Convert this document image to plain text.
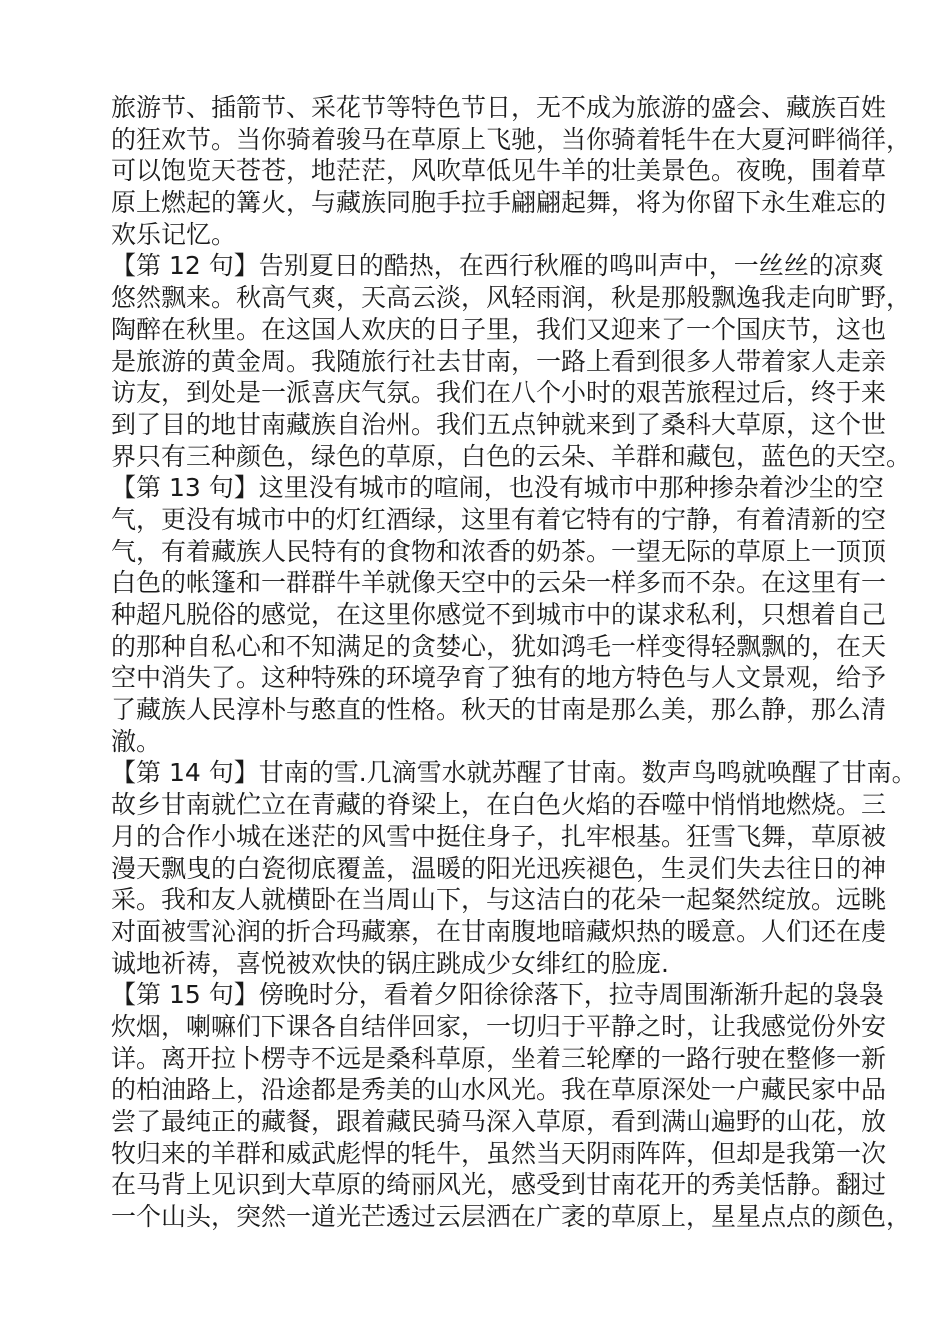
旅游节、插箭节、采花节等特色节日，无不成为旅游的盛会、藏族百姓
的狂欢节。当你骑着骏马在草原上飞驰，当你骑着牦牛在大夏河畔徜徉，
可以饱览天苍苍，地茫茫，风吹草低见牛羊的壮美景色。夜晚，围着草
原上燃起的篝火，与藏族同胞手拉手翩翩起舞，将为你留下永生难忘的
欢乐记忆。
【第 12 句】告别夏日的酷热，在西行秋雁的鸣叫声中，一丝丝的凉爽
悠然飘来。秋高气爽，天高云淡，风轻雨润，秋是那般飘逸我走向旷野，
陶醉在秋里。在这国人欢庆的日子里，我们又迎来了一个国庆节，这也
是旅游的黄金周。我随旅行社去甘南，一路上看到很多人带着家人走亲
访友，到处是一派喜庆气氛。我们在八个小时的艰苦旅程过后，终于来
到了目的地甘南藏族自治州。我们五点钟就来到了桑科大草原，这个世
界只有三种颜色，绿色的草原，白色的云朵、羊群和藏包，蓝色的天空。
【第 13 句】这里没有城市的喧闹，也没有城市中那种掺杂着沙尘的空
气，更没有城市中的灯红酒绿，这里有着它特有的宁静，有着清新的空
气，有着藏族人民特有的食物和浓香的奶茶。一望无际的草原上一顶顶
白色的帐篷和一群群牛羊就像天空中的云朵一样多而不杂。在这里有一
种超凡脱俗的感觉，在这里你感觉不到城市中的谋求私利，只想着自己
的那种自私心和不知满足的贪婪心，犹如鸿毛一样变得轻飘飘的，在天
空中消失了。这种特殊的环境孕育了独有的地方特色与人文景观，给予
了藏族人民淳朴与憨直的性格。秋天的甘南是那么美，那么静，那么清
澈。
【第 14 句】甘南的雪.几滴雪水就苏醒了甘南。数声鸟鸣就唤醒了甘南。
故乡甘南就伫立在青藏的脊梁上，在白色火焰的吞噬中悄悄地燃烧。三
月的合作小城在迷茫的风雪中挺住身子，扎牢根基。狂雪飞舞，草原被
漫天飘曳的白瓷彻底覆盖，温暖的阳光迅疾褪色，生灵们失去往日的神
采。我和友人就横卧在当周山下，与这洁白的花朵一起粲然绽放。远眺
对面被雪沁润的折合玛藏寨，在甘南腹地暗藏炽热的暖意。人们还在虔
诚地祈祷，喜悦被欢快的锅庄跳成少女绯红的脸庞.
【第 15 句】傍晚时分，看着夕阳徐徐落下，拉寺周围渐渐升起的袅袅
炊烟，喇嘛们下课各自结伴回家，一切归于平静之时，让我感觉份外安
详。离开拉卜楞寺不远是桑科草原，坐着三轮摩的一路行驶在整修一新
的柏油路上，沿途都是秀美的山水风光。我在草原深处一户藏民家中品
尝了最纯正的藏餐，跟着藏民骑马深入草原，看到满山遍野的山花，放
牧归来的羊群和威武彪悍的牦牛，虽然当天阴雨阵阵，但却是我第一次
在马背上见识到大草原的绮丽风光，感受到甘南花开的秀美恬静。翻过
一个山头，突然一道光芒透过云层洒在广袤的草原上，星星点点的颜色，
